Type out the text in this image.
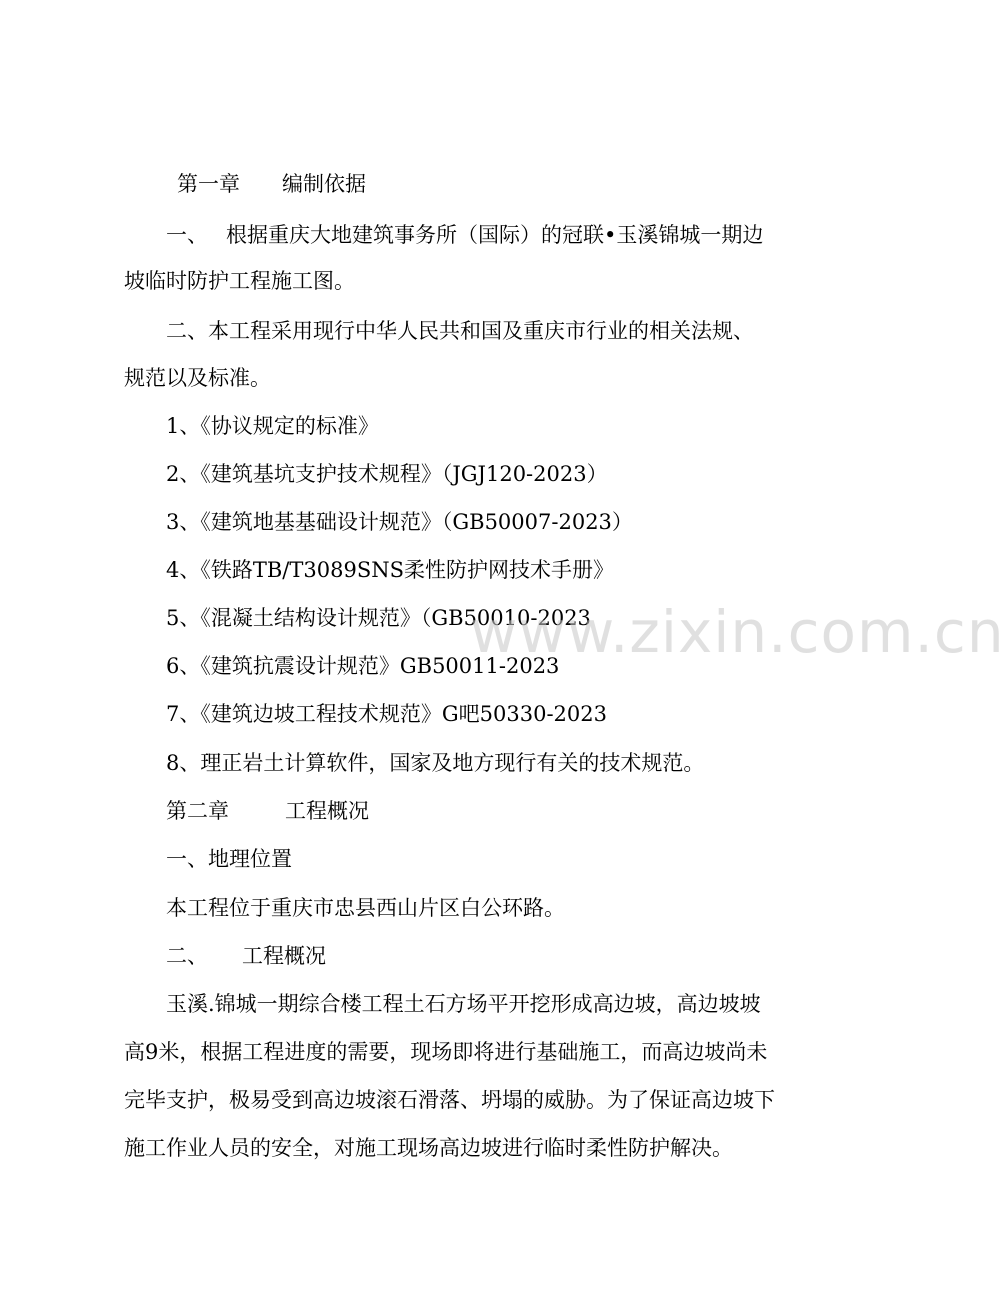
第一章 编制依据
一、 根据重庆大地建筑事务所（国际）的冠联•玉溪锦城一期边
坡临时防护工程施工图。
二、本工程采用现行中华人民共和国及重庆市行业的相关法规、
规范以及标准。
1、《协议规定的标准》
2、《建筑基坑支护技术规程》（JGJ120-2023）
3、《建筑地基基础设计规范》（GB50007-2023）
4、《铁路TB/T3089SNS柔性防护网技术手册》
5、《混凝土结构设计规范》（GB50010-2023
6、《建筑抗震设计规范》GB50011-2023
7、《建筑边坡工程技术规范》G吧50330-2023
8、理正岩土计算软件，国家及地方现行有关的技术规范。
第二章	工程概况
一、地理位置
本工程位于重庆市忠县西山片区白公环路。
二、 工程概况
玉溪.锦城一期综合楼工程土石方场平开挖形成高边坡，高边坡坡
高9米，根据工程进度的需要，现场即将进行基础施工，而高边坡尚未
完毕支护，极易受到高边坡滚石滑落、坍塌的威胁。为了保证高边坡下
施工作业人员的安全，对施工现场高边坡进行临时柔性防护解决。
www.zixin.com.cn
